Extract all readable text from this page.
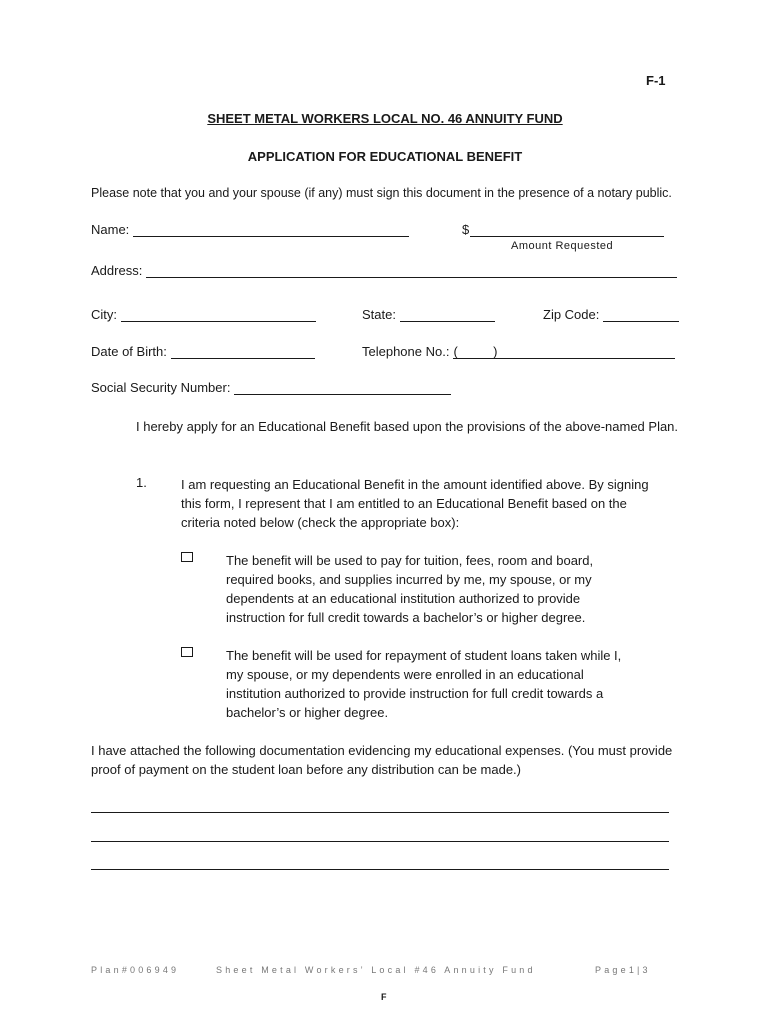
F-1
SHEET METAL WORKERS LOCAL NO. 46 ANNUITY FUND
APPLICATION FOR EDUCATIONAL BENEFIT
Please note that you and your spouse (if any) must sign this document in the presence of a notary public.
Name:	$
Amount Requested
Address:
City:	State:	Zip Code:
Date of Birth:	Telephone No.: (	)
Social Security Number:
I hereby apply for an Educational Benefit based upon the provisions of the above-named Plan.
1.	I am requesting an Educational Benefit in the amount identified above. By signing this form, I represent that I am entitled to an Educational Benefit based on the criteria noted below (check the appropriate box):
The benefit will be used to pay for tuition, fees, room and board, required books, and supplies incurred by me, my spouse, or my dependents at an educational institution authorized to provide instruction for full credit towards a bachelor’s or higher degree.
The benefit will be used for repayment of student loans taken while I, my spouse, or my dependents were enrolled in an educational institution authorized to provide instruction for full credit towards a bachelor’s or higher degree.
I have attached the following documentation evidencing my educational expenses. (You must provide proof of payment on the student loan before any distribution can be made.)
Plan#006949	Sheet Metal Workers’ Local #46 Annuity Fund	Page1|3
F
